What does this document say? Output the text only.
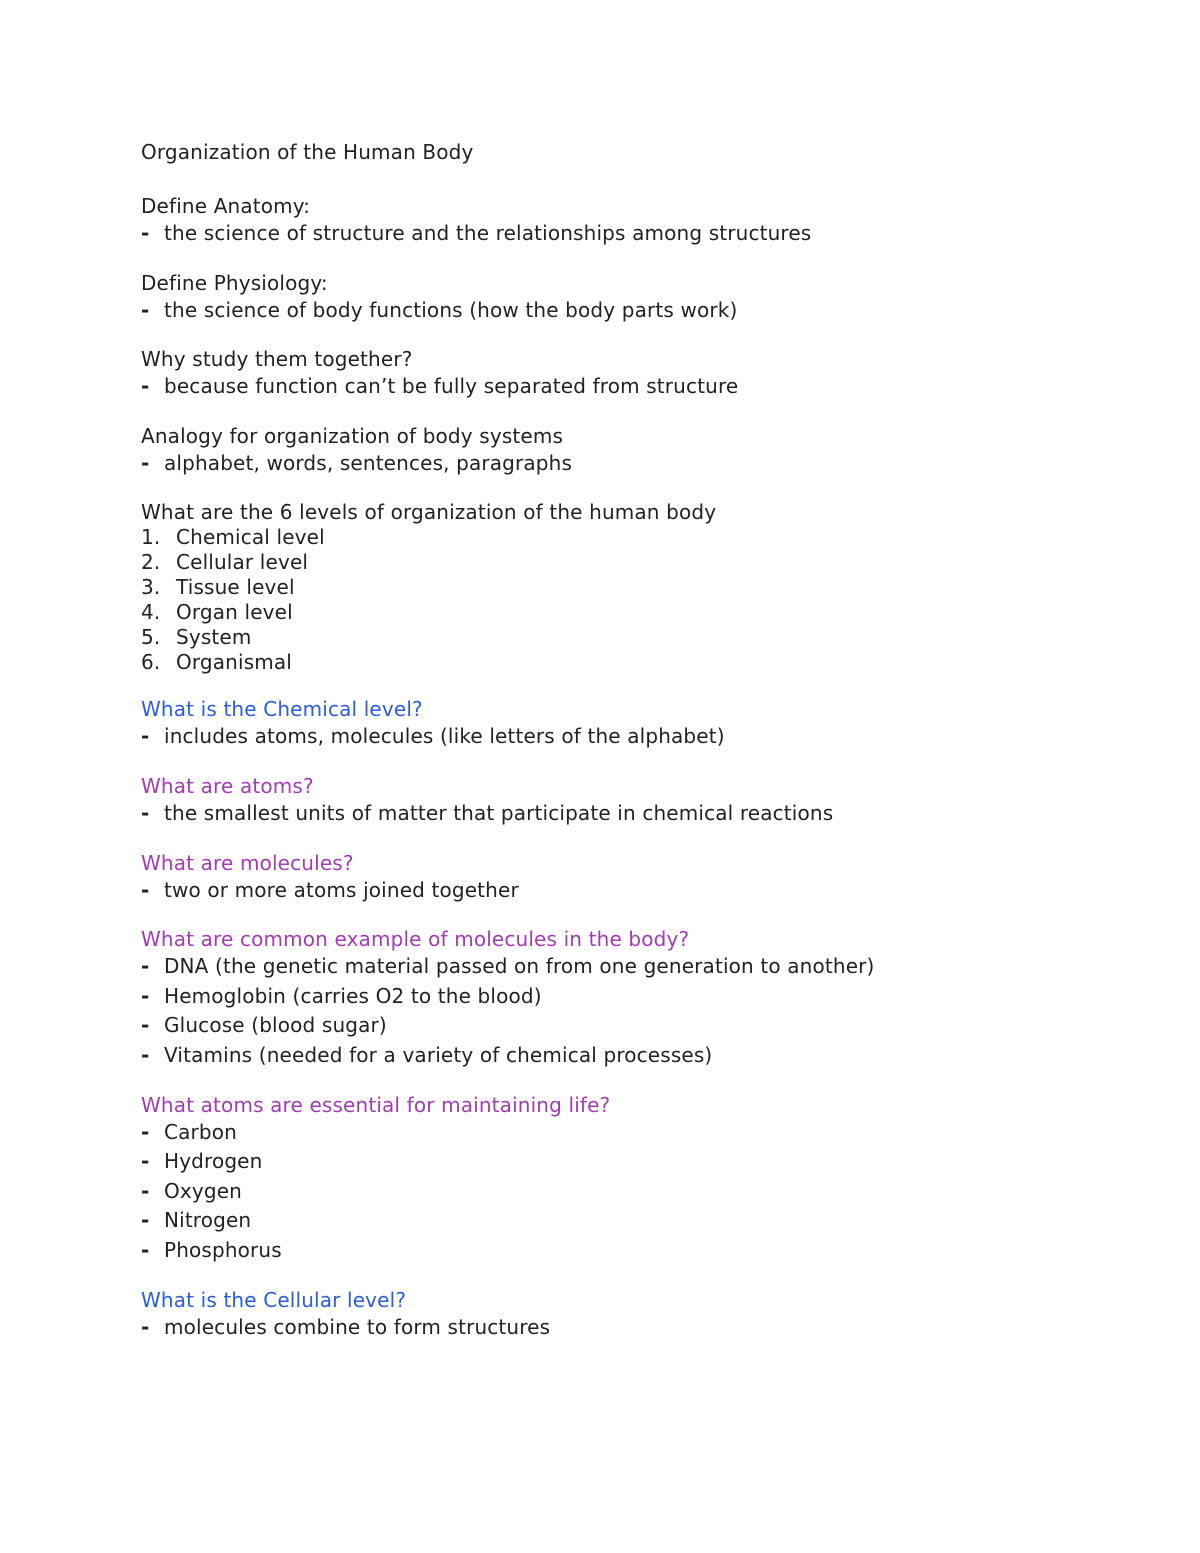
Organization of the Human Body
Define Anatomy:
- the science of structure and the relationships among structures
Define Physiology:
- the science of body functions (how the body parts work)
Why study them together?
- because function can’t be fully separated from structure
Analogy for organization of body systems
- alphabet, words, sentences, paragraphs
What are the 6 levels of organization of the human body
1. Chemical level
2. Cellular level
3. Tissue level
4. Organ level
5. System
6. Organismal
What is the Chemical level?
- includes atoms, molecules (like letters of the alphabet)
What are atoms?
- the smallest units of matter that participate in chemical reactions
What are molecules?
- two or more atoms joined together
What are common example of molecules in the body?
- DNA (the genetic material passed on from one generation to another)
- Hemoglobin (carries O2 to the blood)
- Glucose (blood sugar)
- Vitamins (needed for a variety of chemical processes)
What atoms are essential for maintaining life?
- Carbon
- Hydrogen
- Oxygen
- Nitrogen
- Phosphorus
What is the Cellular level?
- molecules combine to form structures
